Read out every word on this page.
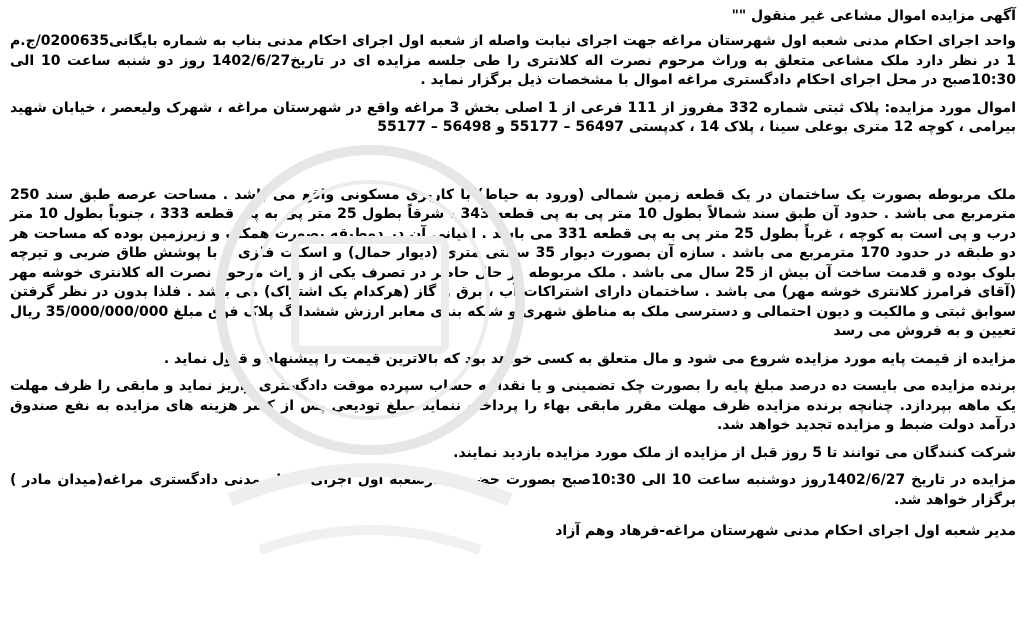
آگهی مزایده اموال مشاعی غیر منقول ""

واحد اجرای احکام مدنی شعبه اول شهرستان مراغه جهت اجرای نیابت واصله از شعبه اول اجرای احکام مدنی بناب به شماره بایگانی0200635/ج.م 1 در نظر دارد ملک مشاعی متعلق به وراث مرحوم نصرت اله کلانتری را طی جلسه مزایده ای در تاریخ1402/6/27 روز دو شنبه ساعت 10 الی 10:30صبح در محل اجرای احکام دادگستری مراغه اموال با مشخصات ذیل برگزار نماید .

اموال مورد مزایده: پلاک ثبتی شماره 332 مفروز از 111 فرعی از 1 اصلی بخش 3 مراغه واقع در شهرستان مراغه ، شهرک ولیعصر ، خیابان شهید بیرامی ، کوچه 12 متری بوعلی سینا ، پلاک 14 ، کدپستی 56497 – 55177 و 56498 – 55177

ملک مربوطه بصورت یک ساختمان در یک قطعه زمین شمالی (ورود به حیاط) با کاربری مسکونی واقع می باشد . مساحت عرصه طبق سند 250 مترمربع می باشد . حدود آن طبق سند شمالاً بطول 10 متر پی به پی قطعه 343 ، شرقاً بطول 25 متر پی به پی قطعه 333 ، جنوباً بطول 10 متر درب و پی است به کوچه ، غرباً بطول 25 متر پی به پی قطعه 331 می باشد . اعیانی آن در دوطبقه بصورت همکف و زیرزمین بوده که مساحت هر دو طبقه در حدود 170 مترمربع می باشد . سازه آن بصورت دیوار 35 سانتی متری (دیوار حمال) و اسکلت فلزی و با پوشش طاق ضربی و تیرچه بلوک بوده و قدمت ساخت آن بیش از 25 سال می باشد . ملک مربوطه در حال حاضر در تصرف یکی از وراث مرحوم نصرت اله کلانتری خوشه مهر (آقای فرامرز کلانتری خوشه مهر) می باشد . ساختمان دارای اشتراکات آب ، برق و گاز (هرکدام یک اشتراک) می باشد . فلذا بدون در نظر گرفتن سوابق ثبتی و مالکیت و دیون احتمالی و دسترسی ملک به مناطق شهری و شبکه بندی معابر ارزش ششدانگ پلاک فوق مبلغ 35/000/000/000 ریال تعیین و به فروش می رسد

مزایده از قیمت پایه مورد مزایده شروع می شود و مال متعلق به کسی خواهد بود که بالاترین قیمت را پیشنهاد و قبول نماید .

برنده مزایده می بایست ده درصد مبلغ پایه را بصورت چک تضمینی و یا نقداً به حساب سپرده موقت دادگستری واریز نماید و مابقی را ظرف مهلت یک ماهه بپردازد. چنانچه برنده مزایده ظرف مهلت مقرر مابقی بهاء را پرداخت ننماید مبلغ تودیعی پس از کسر هزینه های مزایده به نفع صندوق درآمد دولت ضبط و مزایده تجدید خواهد شد.

شرکت کنندگان می توانند تا 5 روز قبل از مزایده از ملک مورد مزایده بازدید نمایند.

مزایده در تاریخ 1402/6/27روز دوشنبه ساعت 10 الی 10:30صبح بصورت حضوری درشعبه اول اجرای احکام مدنی دادگستری مراغه(میدان مادر ) برگزار خواهد شد.

مدیر شعبه اول اجرای احکام مدنی شهرستان مراغه-فرهاد وهم آزاد
